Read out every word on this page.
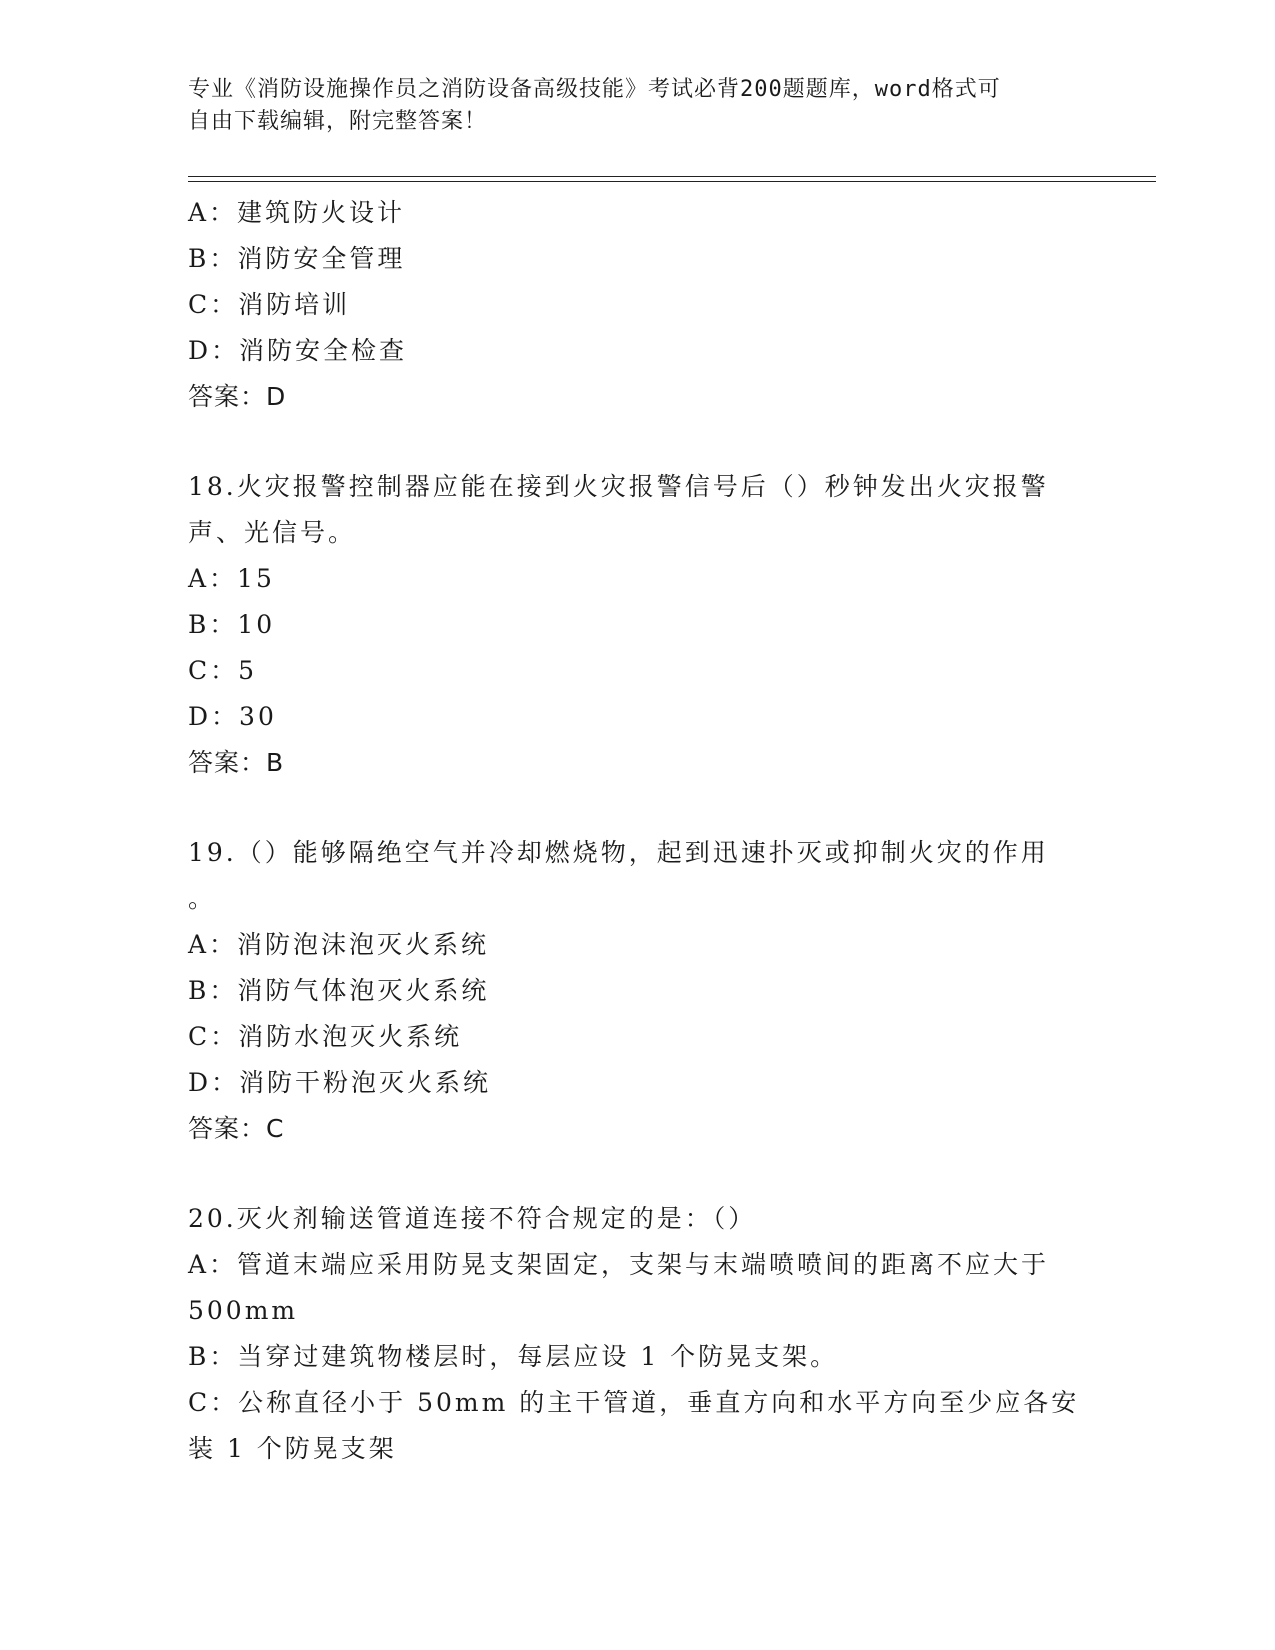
专业《消防设施操作员之消防设备高级技能》考试必背200题题库，word格式可
自由下载编辑，附完整答案！
A：建筑防火设计
B：消防安全管理
C：消防培训
D：消防安全检查
答案：D
18.火灾报警控制器应能在接到火灾报警信号后（）秒钟发出火灾报警
声、光信号。
A：15
B：10
C：5
D：30
答案：B
19.（）能够隔绝空气并冷却燃烧物，起到迅速扑灭或抑制火灾的作用
。
A：消防泡沫泡灭火系统
B：消防气体泡灭火系统
C：消防水泡灭火系统
D：消防干粉泡灭火系统
答案：C
20.灭火剂输送管道连接不符合规定的是：（）
A：管道末端应采用防晃支架固定，支架与末端喷喷间的距离不应大于
500mm
B：当穿过建筑物楼层时，每层应设 1 个防晃支架。
C：公称直径小于 50mm 的主干管道，垂直方向和水平方向至少应各安
装 1 个防晃支架
